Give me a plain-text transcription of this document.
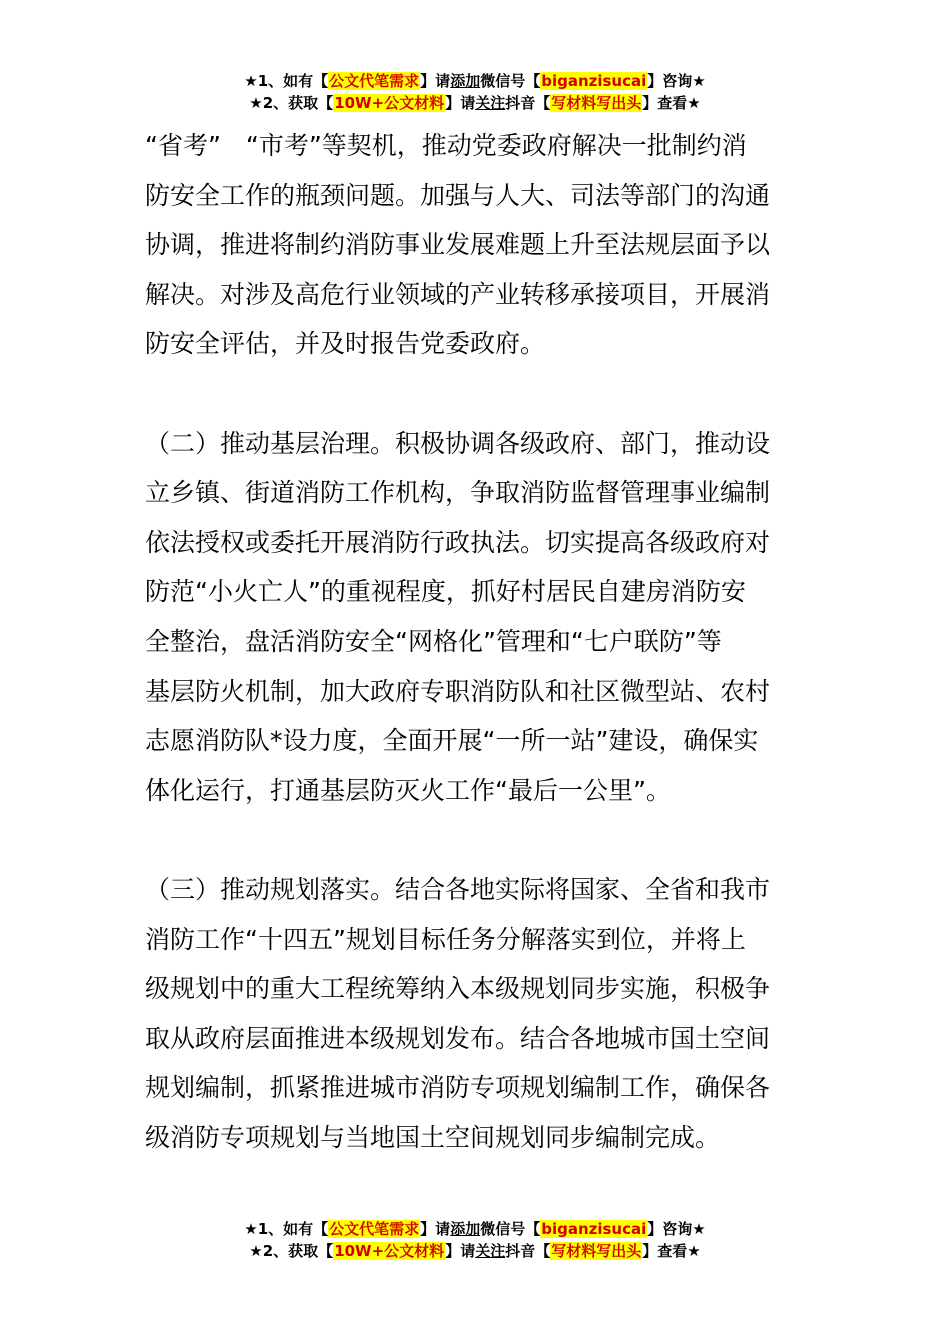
★1、如有【公文代笔需求】请添加微信号【biganzisucai】咨询★
★2、获取【10W+公文材料】请关注抖音【写材料写出头】查看★
“省考”　“市考”等契机，推动党委政府解决一批制约消
防安全工作的瓶颈问题。加强与人大、司法等部门的沟通
协调，推进将制约消防事业发展难题上升至法规层面予以
解决。对涉及高危行业领域的产业转移承接项目，开展消
防安全评估，并及时报告党委政府。
（二）推动基层治理。积极协调各级政府、部门，推动设
立乡镇、街道消防工作机构，争取消防监督管理事业编制
依法授权或委托开展消防行政执法。切实提高各级政府对
防范“小火亡人”的重视程度，抓好村居民自建房消防安
全整治，盘活消防安全“网格化”管理和“七户联防”等
基层防火机制，加大政府专职消防队和社区微型站、农村
志愿消防队*设力度，全面开展“一所一站”建设，确保实
体化运行，打通基层防灭火工作“最后一公里”。
（三）推动规划落实。结合各地实际将国家、全省和我市
消防工作“十四五”规划目标任务分解落实到位，并将上
级规划中的重大工程统筹纳入本级规划同步实施，积极争
取从政府层面推进本级规划发布。结合各地城市国土空间
规划编制，抓紧推进城市消防专项规划编制工作，确保各
级消防专项规划与当地国土空间规划同步编制完成。
★1、如有【公文代笔需求】请添加微信号【biganzisucai】咨询★
★2、获取【10W+公文材料】请关注抖音【写材料写出头】查看★
